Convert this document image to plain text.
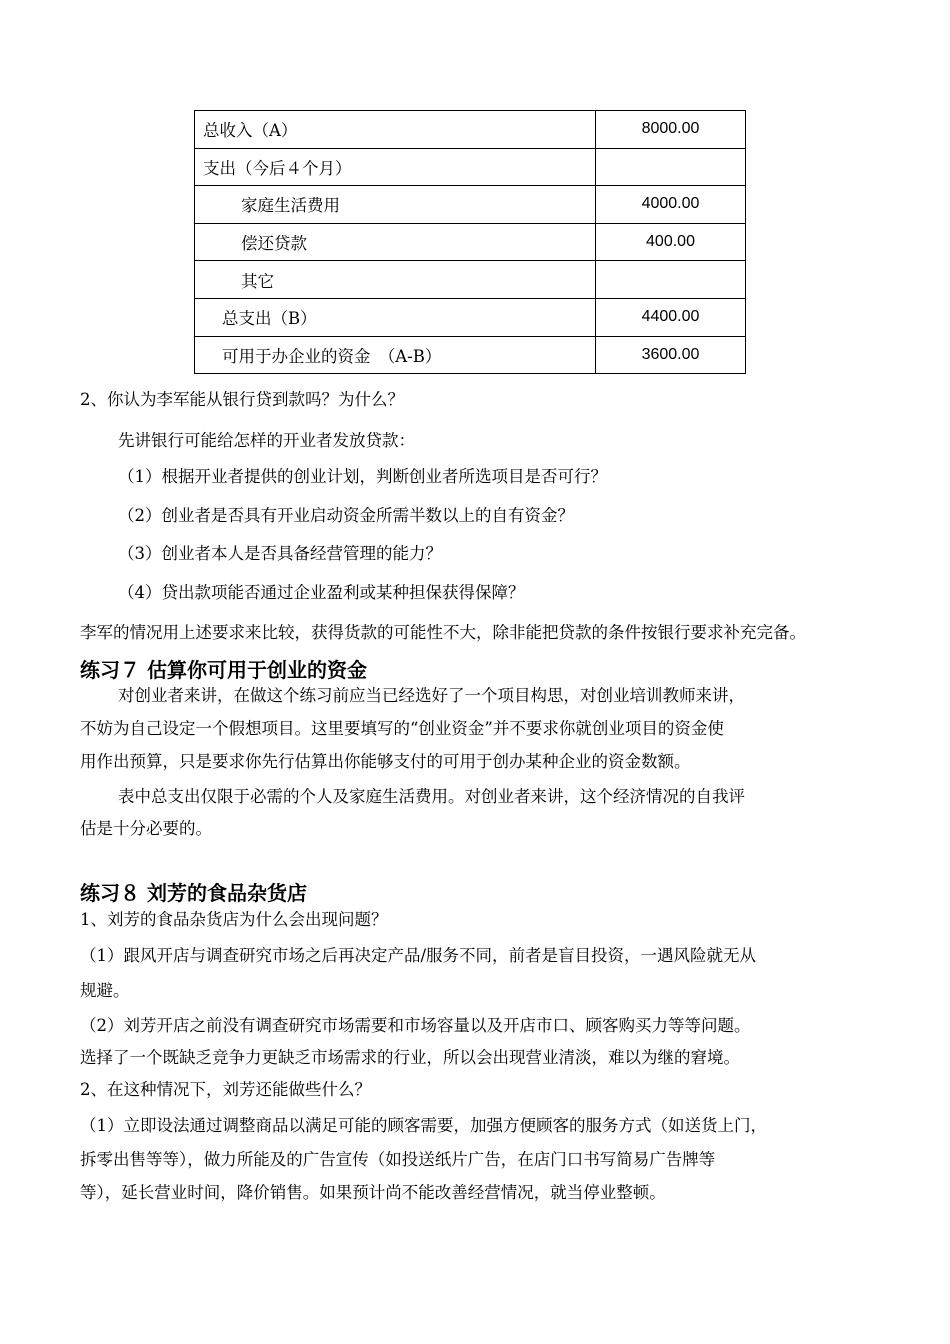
总收入（A）	8000.00
支出（今后４个月）	
家庭生活费用	4000.00
偿还贷款	400.00
其它	
总支出（B）	4400.00
可用于办企业的资金　（A-B）	3600.00
2、你认为李军能从银行贷到款吗？为什么？
先讲银行可能给怎样的开业者发放贷款：
（1）根据开业者提供的创业计划，判断创业者所选项目是否可行？
（2）创业者是否具有开业启动资金所需半数以上的自有资金？
（3）创业者本人是否具备经营管理的能力？
（4）贷出款项能否通过企业盈利或某种担保获得保障？
李军的情况用上述要求来比较，获得货款的可能性不大，除非能把贷款的条件按银行要求补充完备。
练习７ 估算你可用于创业的资金
对创业者来讲，在做这个练习前应当已经选好了一个项目构思，对创业培训教师来讲，
不妨为自己设定一个假想项目。这里要填写的“创业资金”并不要求你就创业项目的资金使
用作出预算，只是要求你先行估算出你能够支付的可用于创办某种企业的资金数额。
表中总支出仅限于必需的个人及家庭生活费用。对创业者来讲，这个经济情况的自我评
估是十分必要的。
练习８ 刘芳的食品杂货店
1、刘芳的食品杂货店为什么会出现问题？
（1）跟风开店与调查研究市场之后再决定产品/服务不同，前者是盲目投资，一遇风险就无从
规避。
（2）刘芳开店之前没有调查研究市场需要和市场容量以及开店市口、顾客购买力等等问题。
选择了一个既缺乏竞争力更缺乏市场需求的行业，所以会出现营业清淡，难以为继的窘境。
2、在这种情况下，刘芳还能做些什么？
（1）立即设法通过调整商品以满足可能的顾客需要，加强方便顾客的服务方式（如送货上门，
拆零出售等等），做力所能及的广告宣传（如投送纸片广告，在店门口书写简易广告牌等
等），延长营业时间，降价销售。如果预计尚不能改善经营情况，就当停业整顿。
